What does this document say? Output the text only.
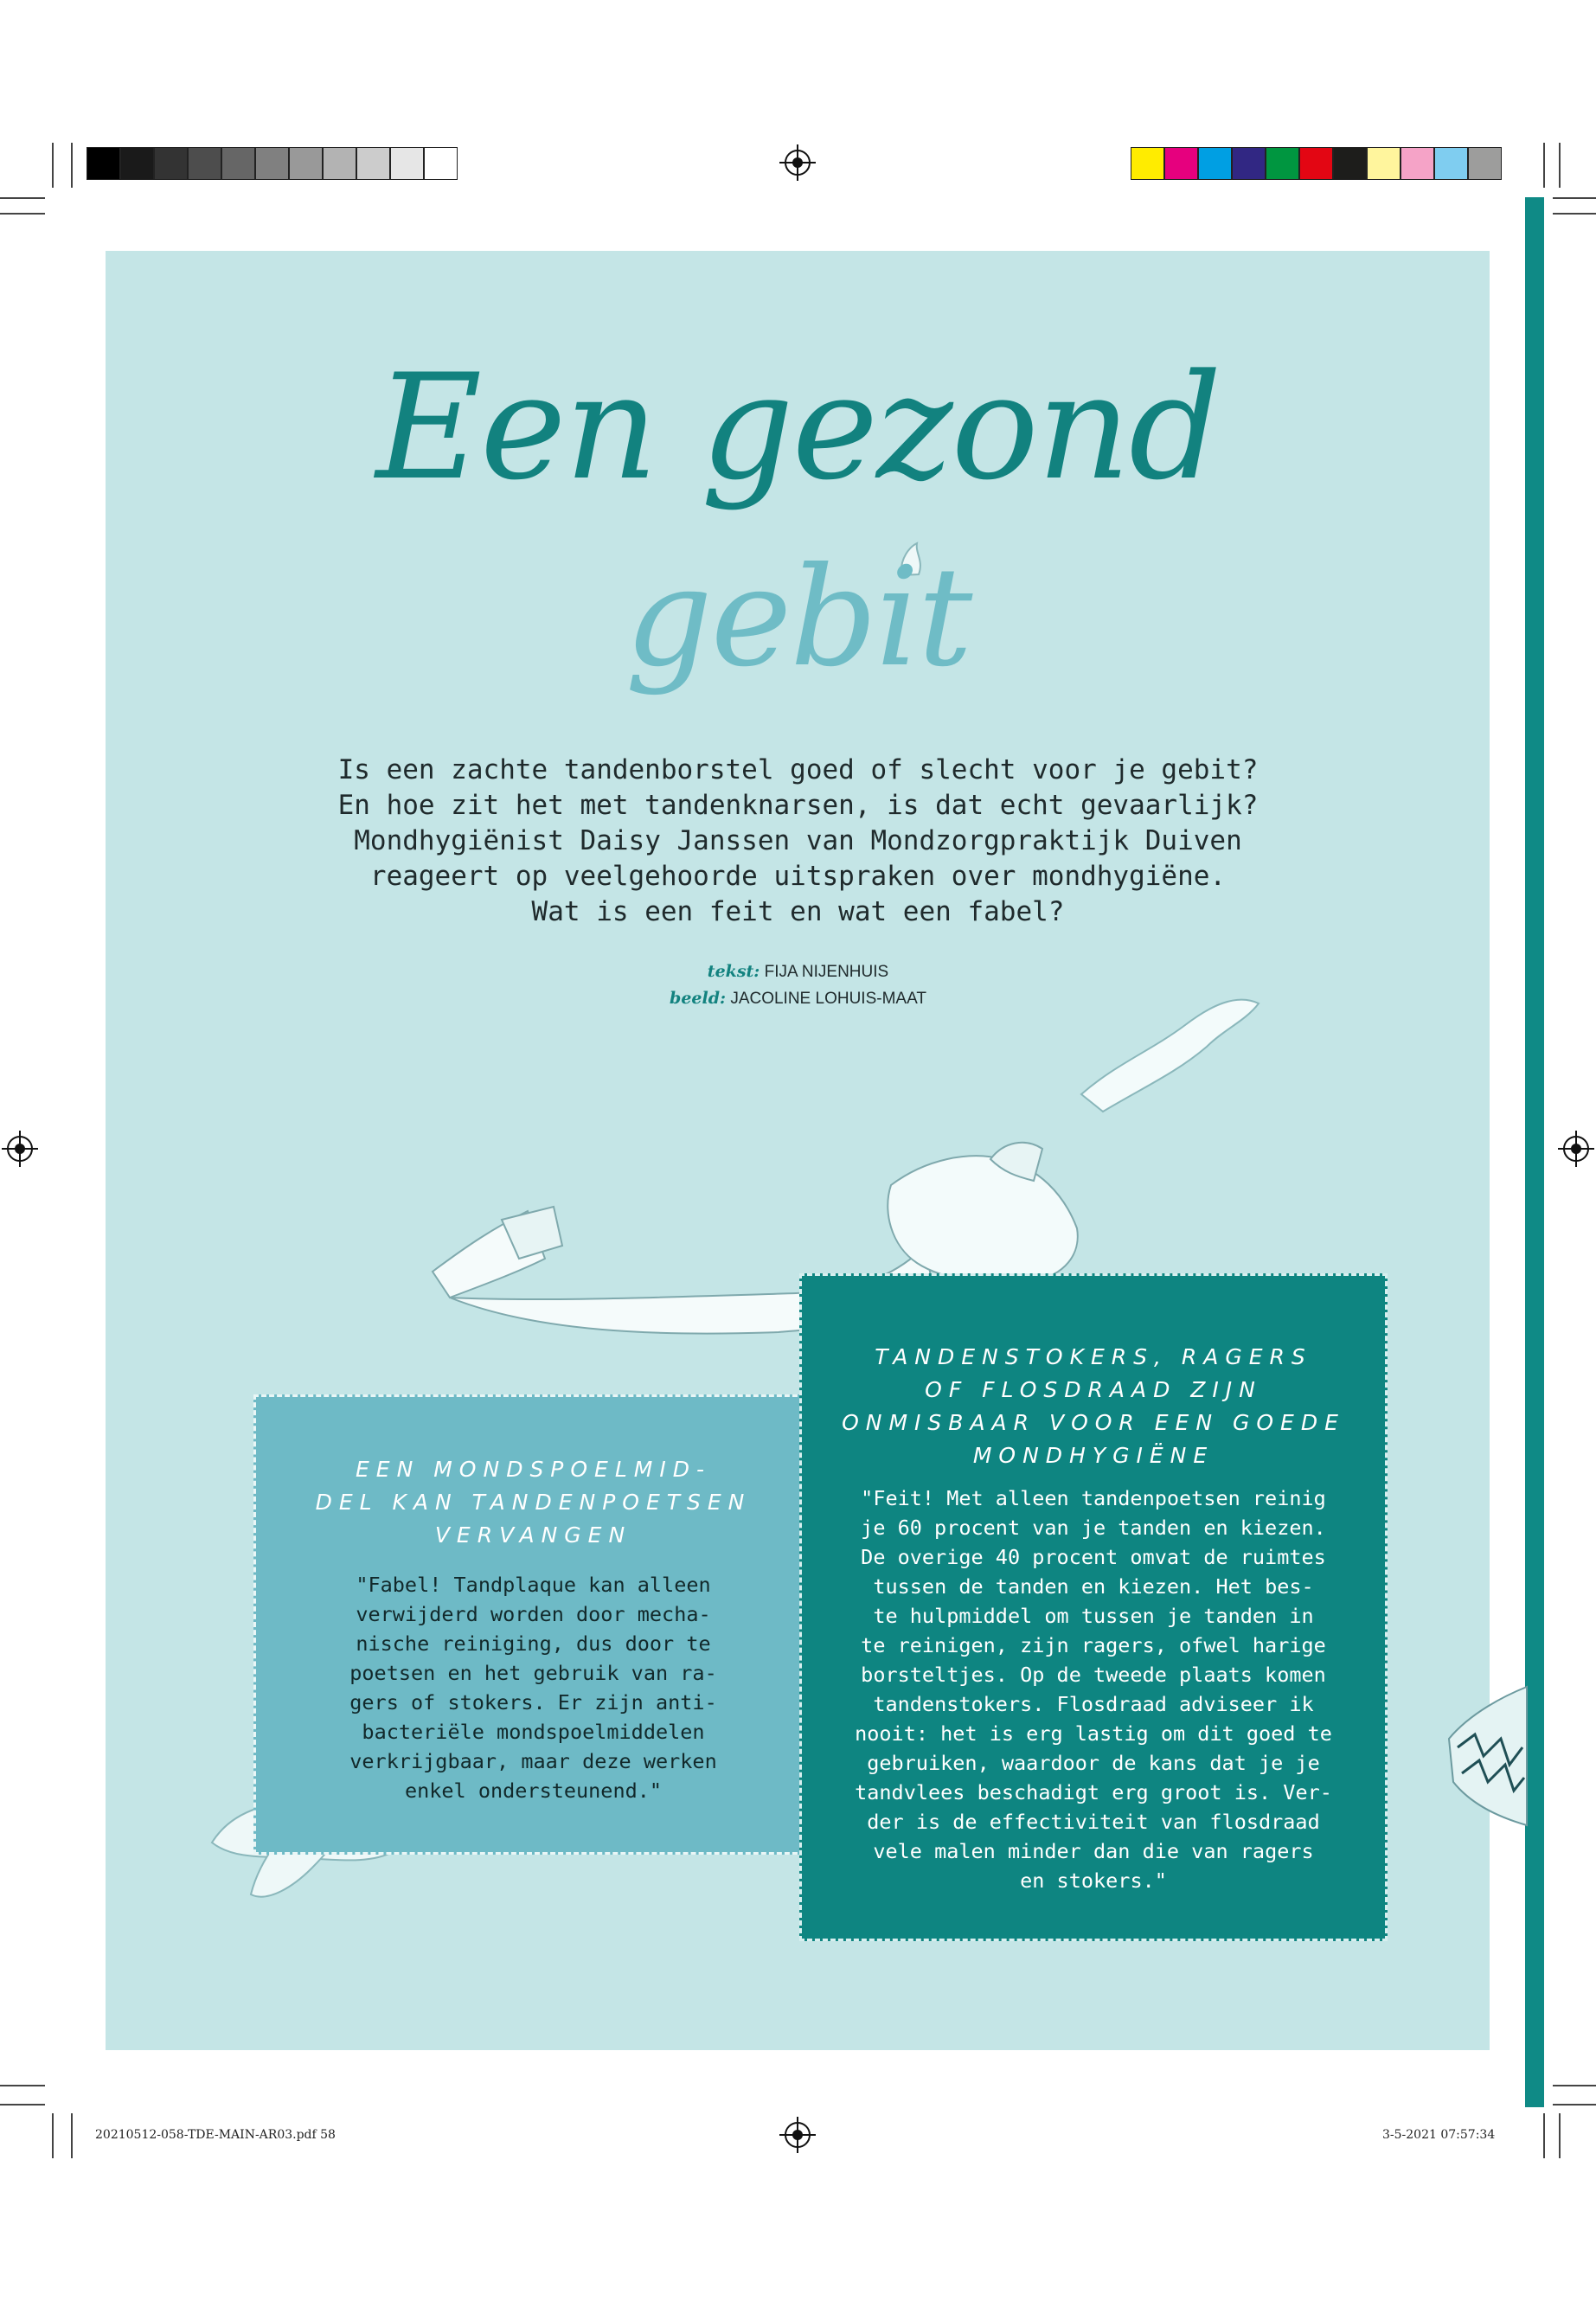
Een gezond
gebit
Is een zachte tandenborstel goed of slecht voor je gebit?
En hoe zit het met tandenknarsen, is dat echt gevaarlijk?
Mondhygiënist Daisy Janssen van Mondzorgpraktijk Duiven
reageert op veelgehoorde uitspraken over mondhygiëne.
Wat is een feit en wat een fabel?
tekst: FIJA NIJENHUIS
beeld: JACOLINE LOHUIS-MAAT
EEN MONDSPOELMID-
DEL KAN TANDENPOETSEN
VERVANGEN
"Fabel! Tandplaque kan alleen
verwijderd worden door mecha-
nische reiniging, dus door te
poetsen en het gebruik van ra-
gers of stokers. Er zijn anti-
bacteriële mondspoelmiddelen
verkrijgbaar, maar deze werken
enkel ondersteunend."
TANDENSTOKERS, RAGERS
OF FLOSDRAAD ZIJN
ONMISBAAR VOOR EEN GOEDE
MONDHYGIËNE
"Feit! Met alleen tandenpoetsen reinig
je 60 procent van je tanden en kiezen.
De overige 40 procent omvat de ruimtes
tussen de tanden en kiezen. Het bes-
te hulpmiddel om tussen je tanden in
te reinigen, zijn ragers, ofwel harige
borsteltjes. Op de tweede plaats komen
tandenstokers. Flosdraad adviseer ik
nooit: het is erg lastig om dit goed te
gebruiken, waardoor de kans dat je je
tandvlees beschadigt erg groot is. Ver-
der is de effectiviteit van flosdraad
vele malen minder dan die van ragers
en stokers."
20210512-058-TDE-MAIN-AR03.pdf 58	3-5-2021 07:57:34
